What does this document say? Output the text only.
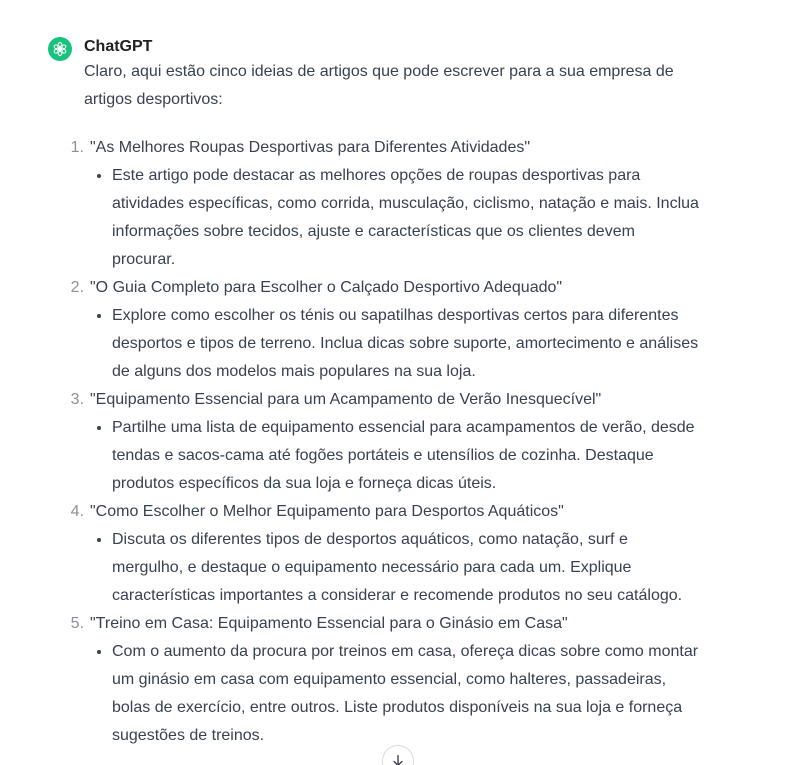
ChatGPT

Claro, aqui estão cinco ideias de artigos que pode escrever para a sua empresa de artigos desportivos:

1. "As Melhores Roupas Desportivas para Diferentes Atividades"
Este artigo pode destacar as melhores opções de roupas desportivas para atividades específicas, como corrida, musculação, ciclismo, natação e mais. Inclua informações sobre tecidos, ajuste e características que os clientes devem procurar.
2. "O Guia Completo para Escolher o Calçado Desportivo Adequado"
Explore como escolher os ténis ou sapatilhas desportivas certos para diferentes desportos e tipos de terreno. Inclua dicas sobre suporte, amortecimento e análises de alguns dos modelos mais populares na sua loja.
3. "Equipamento Essencial para um Acampamento de Verão Inesquecível"
Partilhe uma lista de equipamento essencial para acampamentos de verão, desde tendas e sacos-cama até fogões portáteis e utensílios de cozinha. Destaque produtos específicos da sua loja e forneça dicas úteis.
4. "Como Escolher o Melhor Equipamento para Desportos Aquáticos"
Discuta os diferentes tipos de desportos aquáticos, como natação, surf e mergulho, e destaque o equipamento necessário para cada um. Explique características importantes a considerar e recomende produtos no seu catálogo.
5. "Treino em Casa: Equipamento Essencial para o Ginásio em Casa"
Com o aumento da procura por treinos em casa, ofereça dicas sobre como montar um ginásio em casa com equipamento essencial, como halteres, passadeiras, bolas de exercício, entre outros. Liste produtos disponíveis na sua loja e forneça sugestões de treinos.
